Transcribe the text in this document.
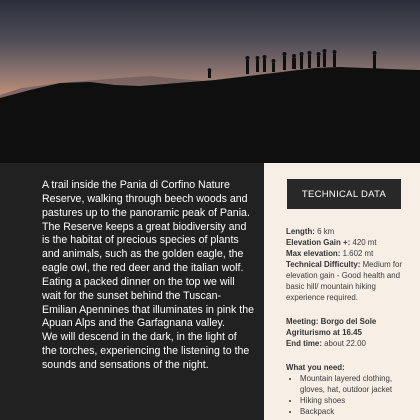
A trail inside the Pania di Corfino Nature Reserve, walking through beech woods and pastures up to the panoramic peak of Pania. The Reserve keeps a great biodiversity and is the habitat of precious species of plants and animals, such as the golden eagle, the eagle owl, the red deer and the italian wolf. Eating a packed dinner on the top we will wait for the sunset behind the Tuscan-Emilian Apennines that illuminates in pink the Apuan Alps and the Garfagnana valley.
We will descend in the dark, in the light of the torches, experiencing the listening to the sounds and sensations of the night.

TECHNICAL DATA

Length: 6 km

Elevation Gain +: 420 mt

Max elevation: 1.602 mt

Technical Difficulty: Medium for elevation gain - Good health and basic hill/ mountain hiking experience required.

Meeting: Borgo del Sole Agriturismo at 16.45

End time: about 22.00

What you need:

• Mountain layered clothing, gloves, hat, outdoor jacket
• Hiking shoes
• Backpack
